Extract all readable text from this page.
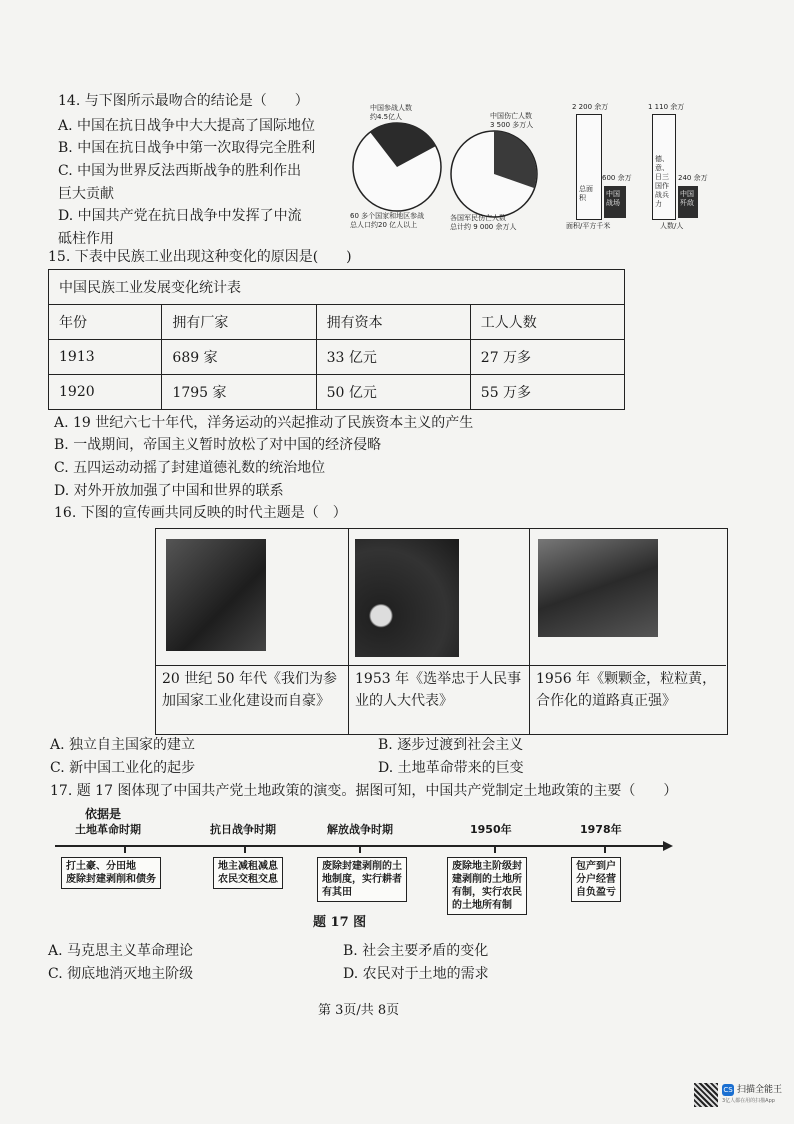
14. 与下图所示最吻合的结论是（　　）
A. 中国在抗日战争中大大提高了国际地位
B. 中国在抗日战争中第一次取得完全胜利
C. 中国为世界反法西斯战争的胜利作出
巨大贡献
D. 中国共产党在抗日战争中发挥了中流
砥柱作用
中国参战人数
约4.5亿人
60 多个国家和地区参战
总人口约20 亿人以上
中国伤亡人数
3 500 多万人
各国军民伤亡人数
总计约 9 000 余万人
2 200 余万
总面积
600 余万
中国
战场
面积/平方千米
1 110 余万
德、意、日三国作战兵力
240 余万
中国
歼敌
人数/人
15. 下表中民族工业出现这种变化的原因是(　　)
中国民族工业发展变化统计表			
年份	拥有厂家	拥有资本	工人人数
1913	689 家	33 亿元	27 万多
1920	1795 家	50 亿元	55 万多
A. 19 世纪六七十年代，洋务运动的兴起推动了民族资本主义的产生
B. 一战期间，帝国主义暂时放松了对中国的经济侵略
C. 五四运动动摇了封建道德礼数的统治地位
D. 对外开放加强了中国和世界的联系
16. 下图的宣传画共同反映的时代主题是（　）
20 世纪 50 年代《我们为参加国家工业化建设而自豪》
1953 年《选举忠于人民事业的人大代表》
1956 年《颗颗金，粒粒黄，合作化的道路真正强》
A. 独立自主国家的建立	B. 逐步过渡到社会主义
C. 新中国工业化的起步	D. 土地革命带来的巨变
17. 题 17 图体现了中国共产党土地政策的演变。据图可知，中国共产党制定土地政策的主要（　　）
依据是
土地革命时期	抗日战争时期	解放战争时期	1950年	1978年
打土豪、分田地
废除封建剥削和债务
地主减租减息
农民交租交息
废除封建剥削的土
地制度，实行耕者
有其田
废除地主阶级封
建剥削的土地所
有制，实行农民
的土地所有制
包产到户
分户经营
自负盈亏
题 17 图
A. 马克思主义革命理论	B. 社会主要矛盾的变化
C. 彻底地消灭地主阶级	D. 农民对于土地的需求
第 3页/共 8页
CS 扫描全能王
3亿人都在用的扫描App
